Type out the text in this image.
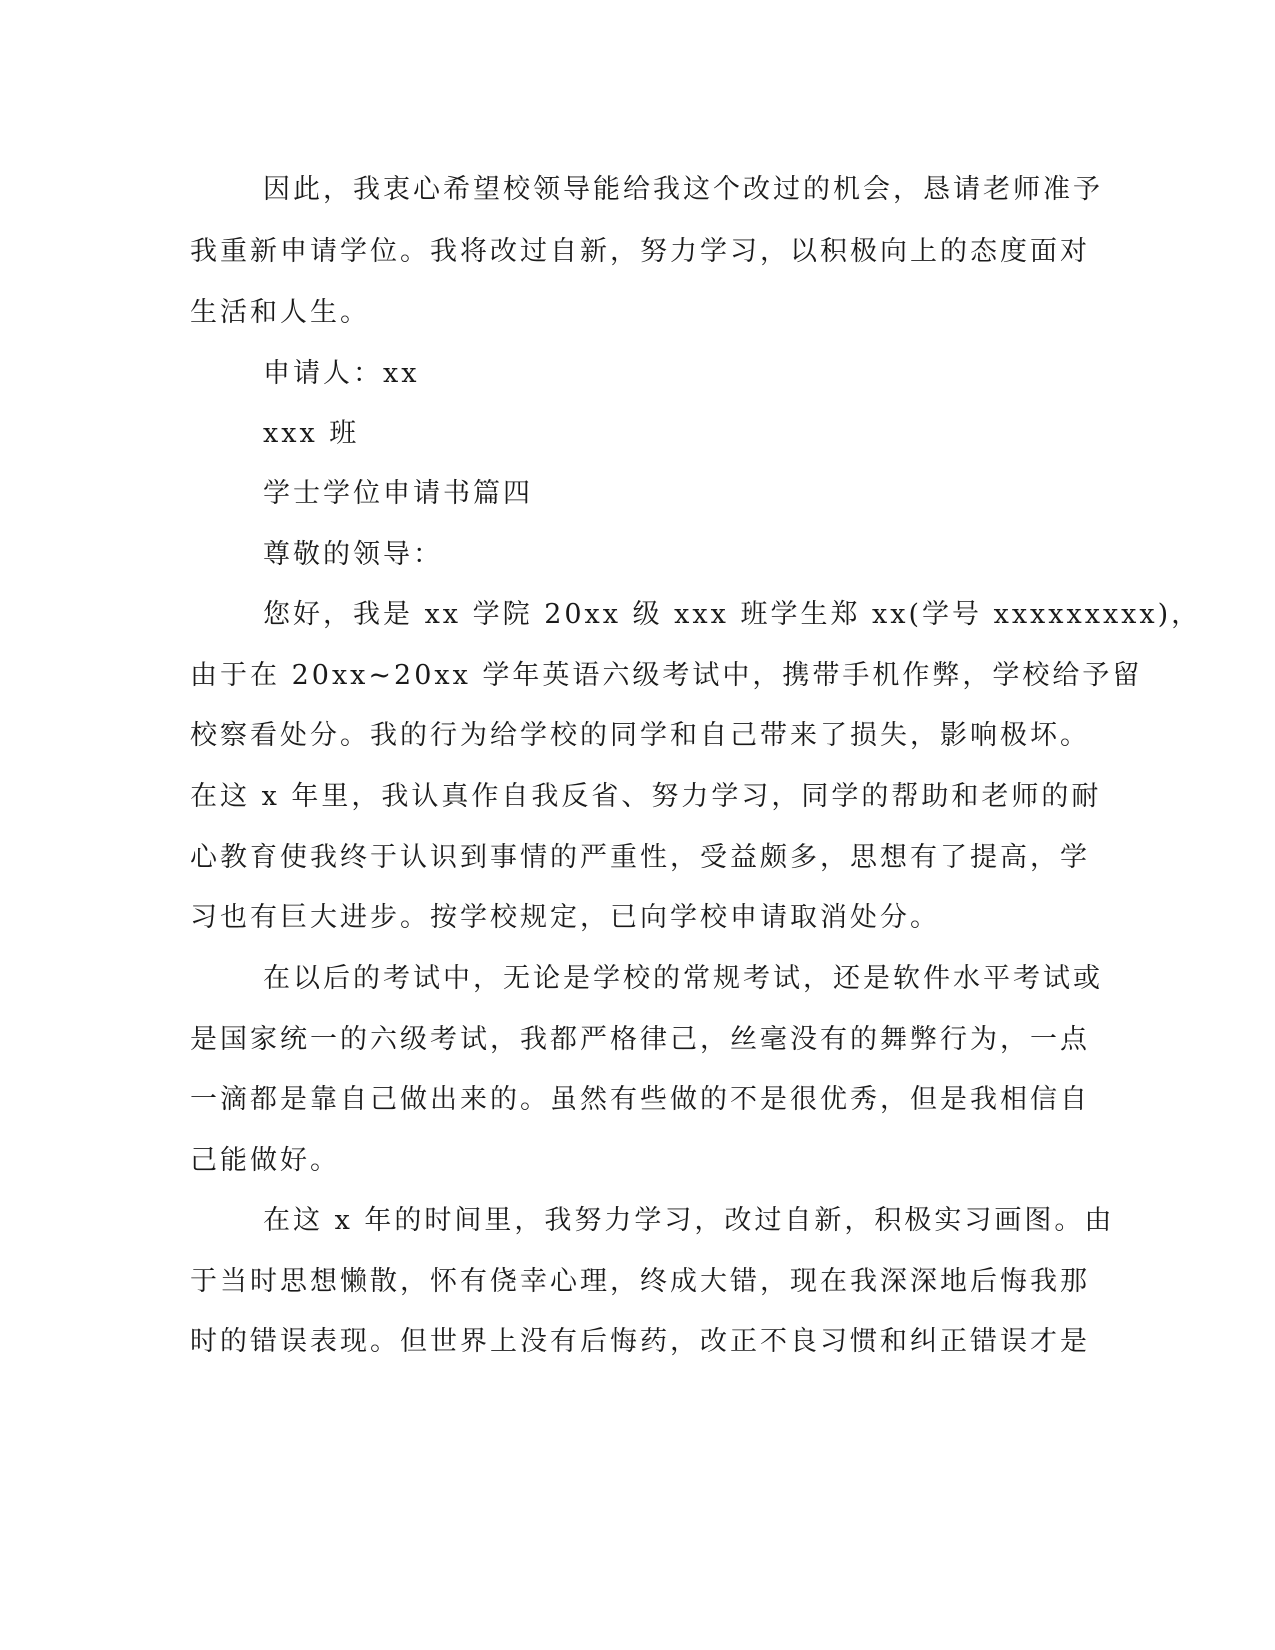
因此，我衷心希望校领导能给我这个改过的机会，恳请老师准予

我重新申请学位。我将改过自新，努力学习，以积极向上的态度面对

生活和人生。

申请人：xx

xxx 班

学士学位申请书篇四

尊敬的领导：

您好，我是 xx 学院 20xx 级 xxx 班学生郑 xx(学号 xxxxxxxxx)，

由于在 20xx~20xx 学年英语六级考试中，携带手机作弊，学校给予留

校察看处分。我的行为给学校的同学和自己带来了损失，影响极坏。

在这 x 年里，我认真作自我反省、努力学习，同学的帮助和老师的耐

心教育使我终于认识到事情的严重性，受益颇多，思想有了提高，学

习也有巨大进步。按学校规定，已向学校申请取消处分。

在以后的考试中，无论是学校的常规考试，还是软件水平考试或

是国家统一的六级考试，我都严格律己，丝毫没有的舞弊行为，一点

一滴都是靠自己做出来的。虽然有些做的不是很优秀，但是我相信自

己能做好。

在这 x 年的时间里，我努力学习，改过自新，积极实习画图。由

于当时思想懒散，怀有侥幸心理，终成大错，现在我深深地后悔我那

时的错误表现。但世界上没有后悔药，改正不良习惯和纠正错误才是
